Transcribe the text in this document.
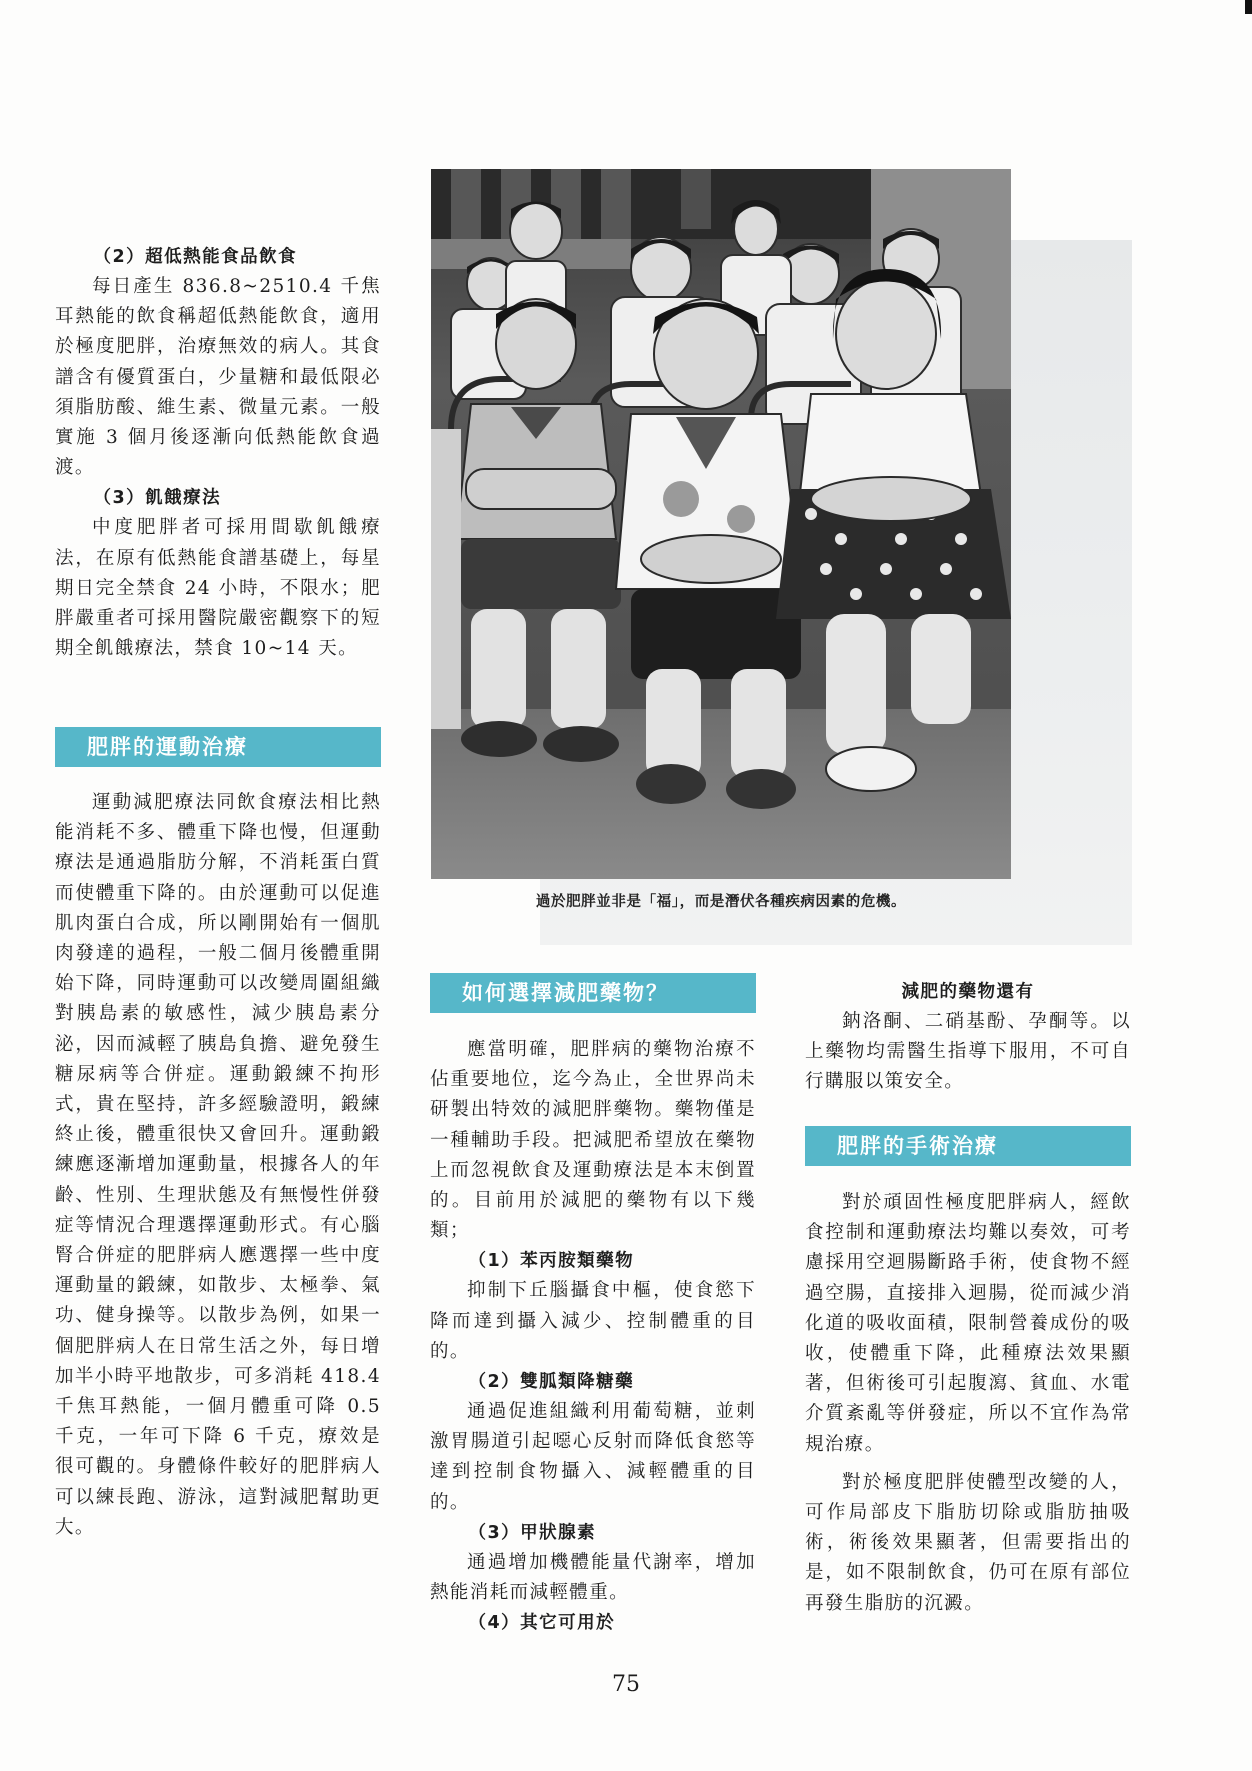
過於肥胖並非是「福」，而是潛伏各種疾病因素的危機。
（2）超低熱能食品飲食

每日產生 836.8~2510.4 千焦耳熱能的飲食稱超低熱能飲食，適用於極度肥胖，治療無效的病人。其食譜含有優質蛋白，少量糖和最低限必須脂肪酸、維生素、微量元素。一般實施 3 個月後逐漸向低熱能飲食過渡。

（3）飢餓療法

中度肥胖者可採用間歇飢餓療法，在原有低熱能食譜基礎上，每星期日完全禁食 24 小時，不限水；肥胖嚴重者可採用醫院嚴密觀察下的短期全飢餓療法，禁食 10~14 天。

肥胖的運動治療

運動減肥療法同飲食療法相比熱能消耗不多、體重下降也慢，但運動療法是通過脂肪分解，不消耗蛋白質而使體重下降的。由於運動可以促進肌肉蛋白合成，所以剛開始有一個肌肉發達的過程，一般二個月後體重開始下降，同時運動可以改變周圍組織對胰島素的敏感性，減少胰島素分泌，因而減輕了胰島負擔、避免發生糖尿病等合併症。運動鍛練不拘形式，貴在堅持，許多經驗證明，鍛練終止後，體重很快又會回升。運動鍛練應逐漸增加運動量，根據各人的年齡、性別、生理狀態及有無慢性併發症等情況合理選擇運動形式。有心腦腎合併症的肥胖病人應選擇一些中度運動量的鍛練，如散步、太極拳、氣功、健身操等。以散步為例，如果一個肥胖病人在日常生活之外，每日增加半小時平地散步，可多消耗 418.4 千焦耳熱能，一個月體重可降 0.5 千克，一年可下降 6 千克，療效是很可觀的。身體條件較好的肥胖病人可以練長跑、游泳，這對減肥幫助更大。

如何選擇減肥藥物？

應當明確，肥胖病的藥物治療不佔重要地位，迄今為止，全世界尚未研製出特效的減肥胖藥物。藥物僅是一種輔助手段。把減肥希望放在藥物上而忽視飲食及運動療法是本末倒置的。目前用於減肥的藥物有以下幾類；

（1）苯丙胺類藥物

抑制下丘腦攝食中樞，使食慾下降而達到攝入減少、控制體重的目的。

（2）雙胍類降糖藥

通過促進組織利用葡萄糖，並刺激胃腸道引起噁心反射而降低食慾等達到控制食物攝入、減輕體重的目的。

（3）甲狀腺素

通過增加機體能量代謝率，增加熱能消耗而減輕體重。

（4）其它可用於
減肥的藥物還有

鈉洛酮、二硝基酚、孕酮等。以上藥物均需醫生指導下服用，不可自行購服以策安全。

肥胖的手術治療

對於頑固性極度肥胖病人，經飲食控制和運動療法均難以奏效，可考慮採用空迴腸斷路手術，使食物不經過空腸，直接排入迴腸，從而減少消化道的吸收面積，限制營養成份的吸收，使體重下降，此種療法效果顯著，但術後可引起腹瀉、貧血、水電介質紊亂等併發症，所以不宜作為常規治療。

對於極度肥胖使體型改變的人，可作局部皮下脂肪切除或脂肪抽吸術，術後效果顯著，但需要指出的是，如不限制飲食，仍可在原有部位再發生脂肪的沉澱。

75
